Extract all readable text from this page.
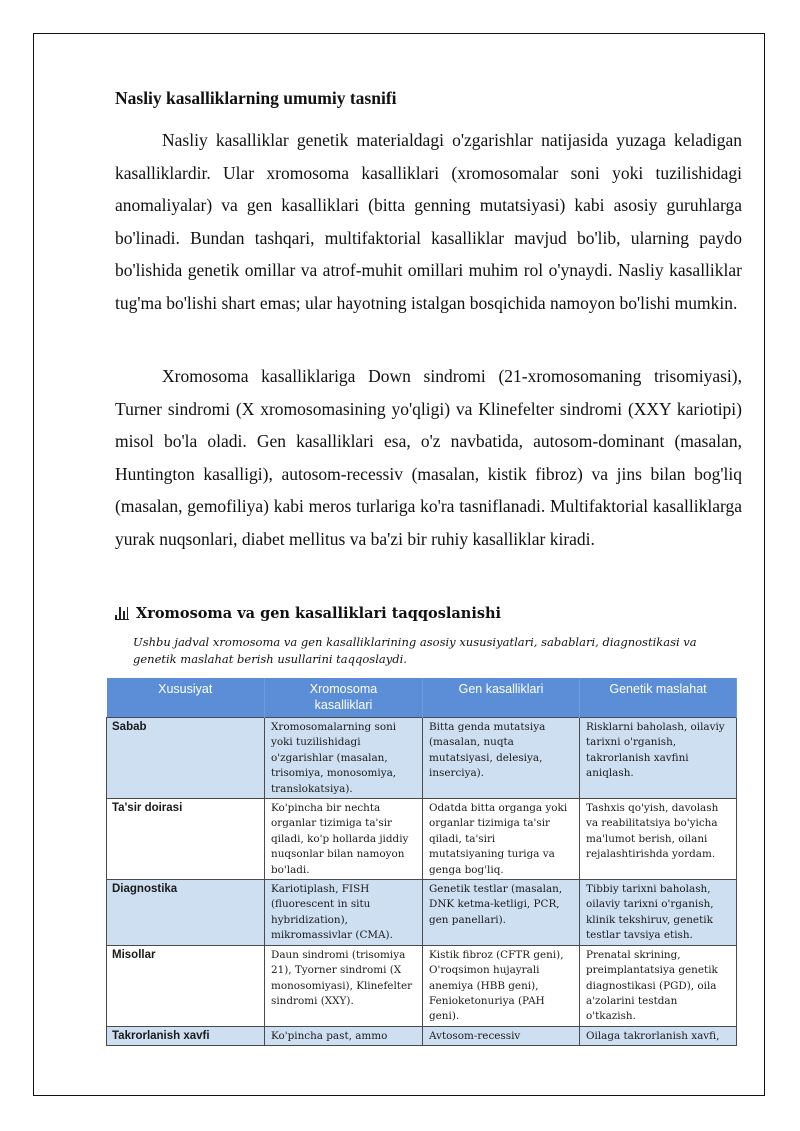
Nasliy kasalliklarning umumiy tasnifi

Nasliy kasalliklar genetik materialdagi o'zgarishlar natijasida yuzaga keladigan kasalliklardir. Ular xromosoma kasalliklari (xromosomalar soni yoki tuzilishidagi anomaliyalar) va gen kasalliklari (bitta genning mutatsiyasi) kabi asosiy guruhlarga bo'linadi. Bundan tashqari, multifaktorial kasalliklar mavjud bo'lib, ularning paydo bo'lishida genetik omillar va atrof-muhit omillari muhim rol o'ynaydi. Nasliy kasalliklar tug'ma bo'lishi shart emas; ular hayotning istalgan bosqichida namoyon bo'lishi mumkin.

Xromosoma kasalliklariga Down sindromi (21-xromosomaning trisomiyasi), Turner sindromi (X xromosomasining yo'qligi) va Klinefelter sindromi (XXY kariotipi) misol bo'la oladi. Gen kasalliklari esa, o'z navbatida, autosom-dominant (masalan, Huntington kasalligi), autosom-recessiv (masalan, kistik fibroz) va jins bilan bog'liq (masalan, gemofiliya) kabi meros turlariga ko'ra tasniflanadi. Multifaktorial kasalliklarga yurak nuqsonlari, diabet mellitus va ba'zi bir ruhiy kasalliklar kiradi.

Xromosoma va gen kasalliklari taqqoslanishi

Ushbu jadval xromosoma va gen kasalliklarining asosiy xususiyatlari, sabablari, diagnostikasi va genetik maslahat berish usullarini taqqoslaydi.

Xususiyat	Xromosoma kasalliklari	Gen kasalliklari	Genetik maslahat
Sabab	Xromosomalarning soni yoki tuzilishidagi o'zgarishlar (masalan, trisomiya, monosomiya, translokatsiya).	Bitta genda mutatsiya (masalan, nuqta mutatsiyasi, delesiya, inserciya).	Risklarni baholash, oilaviy tarixni o'rganish, takrorlanish xavfini aniqlash.
Ta'sir doirasi	Ko'pincha bir nechta organlar tizimiga ta'sir qiladi, ko'p hollarda jiddiy nuqsonlar bilan namoyon bo'ladi.	Odatda bitta organga yoki organlar tizimiga ta'sir qiladi, ta'siri mutatsiyaning turiga va genga bog'liq.	Tashxis qo'yish, davolash va reabilitatsiya bo'yicha ma'lumot berish, oilani rejalashtirishda yordam.
Diagnostika	Kariotiplash, FISH (fluorescent in situ hybridization), mikromassivlar (CMA).	Genetik testlar (masalan, DNK ketma-ketligi, PCR, gen panellari).	Tibbiy tarixni baholash, oilaviy tarixni o'rganish, klinik tekshiruv, genetik testlar tavsiya etish.
Misollar	Daun sindromi (trisomiya 21), Tyorner sindromi (X monosomiyasi), Klinefelter sindromi (XXY).	Kistik fibroz (CFTR geni), O'roqsimon hujayrali anemiya (HBB geni), Fenioketonuriya (PAH geni).	Prenatal skrining, preimplantatsiya genetik diagnostikasi (PGD), oila a'zolarini testdan o'tkazish.
Takrorlanish xavfi	Ko'pincha past, ammo	Avtosom-recessiv	Oilaga takrorlanish xavfi,
